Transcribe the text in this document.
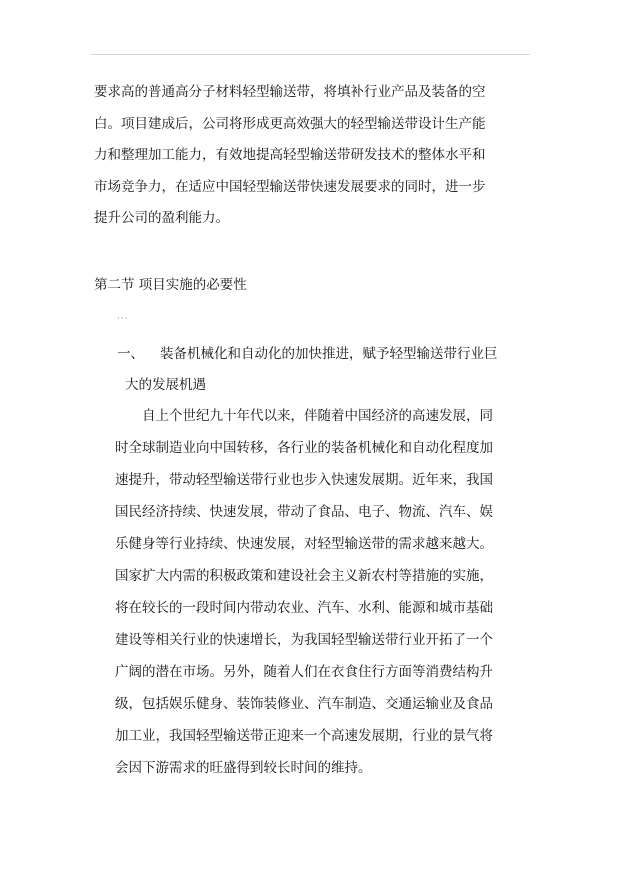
要求高的普通高分子材料轻型输送带，将填补行业产品及装备的空
白。项目建成后，公司将形成更高效强大的轻型输送带设计生产能
力和整理加工能力，有效地提高轻型输送带研发技术的整体水平和
市场竞争力，在适应中国轻型输送带快速发展要求的同时，进一步
提升公司的盈利能力。
第二节 项目实施的必要性
···
一、 装备机械化和自动化的加快推进，赋予轻型输送带行业巨
大的发展机遇
　　自上个世纪九十年代以来，伴随着中国经济的高速发展，同
时全球制造业向中国转移，各行业的装备机械化和自动化程度加
速提升，带动轻型输送带行业也步入快速发展期。近年来，我国
国民经济持续、快速发展，带动了食品、电子、物流、汽车、娱
乐健身等行业持续、快速发展，对轻型输送带的需求越来越大。
国家扩大内需的积极政策和建设社会主义新农村等措施的实施，
将在较长的一段时间内带动农业、汽车、水利、能源和城市基础
建设等相关行业的快速增长，为我国轻型输送带行业开拓了一个
广阔的潜在市场。另外，随着人们在衣食住行方面等消费结构升
级，包括娱乐健身、装饰装修业、汽车制造、交通运输业及食品
加工业，我国轻型输送带正迎来一个高速发展期，行业的景气将
会因下游需求的旺盛得到较长时间的维持。
